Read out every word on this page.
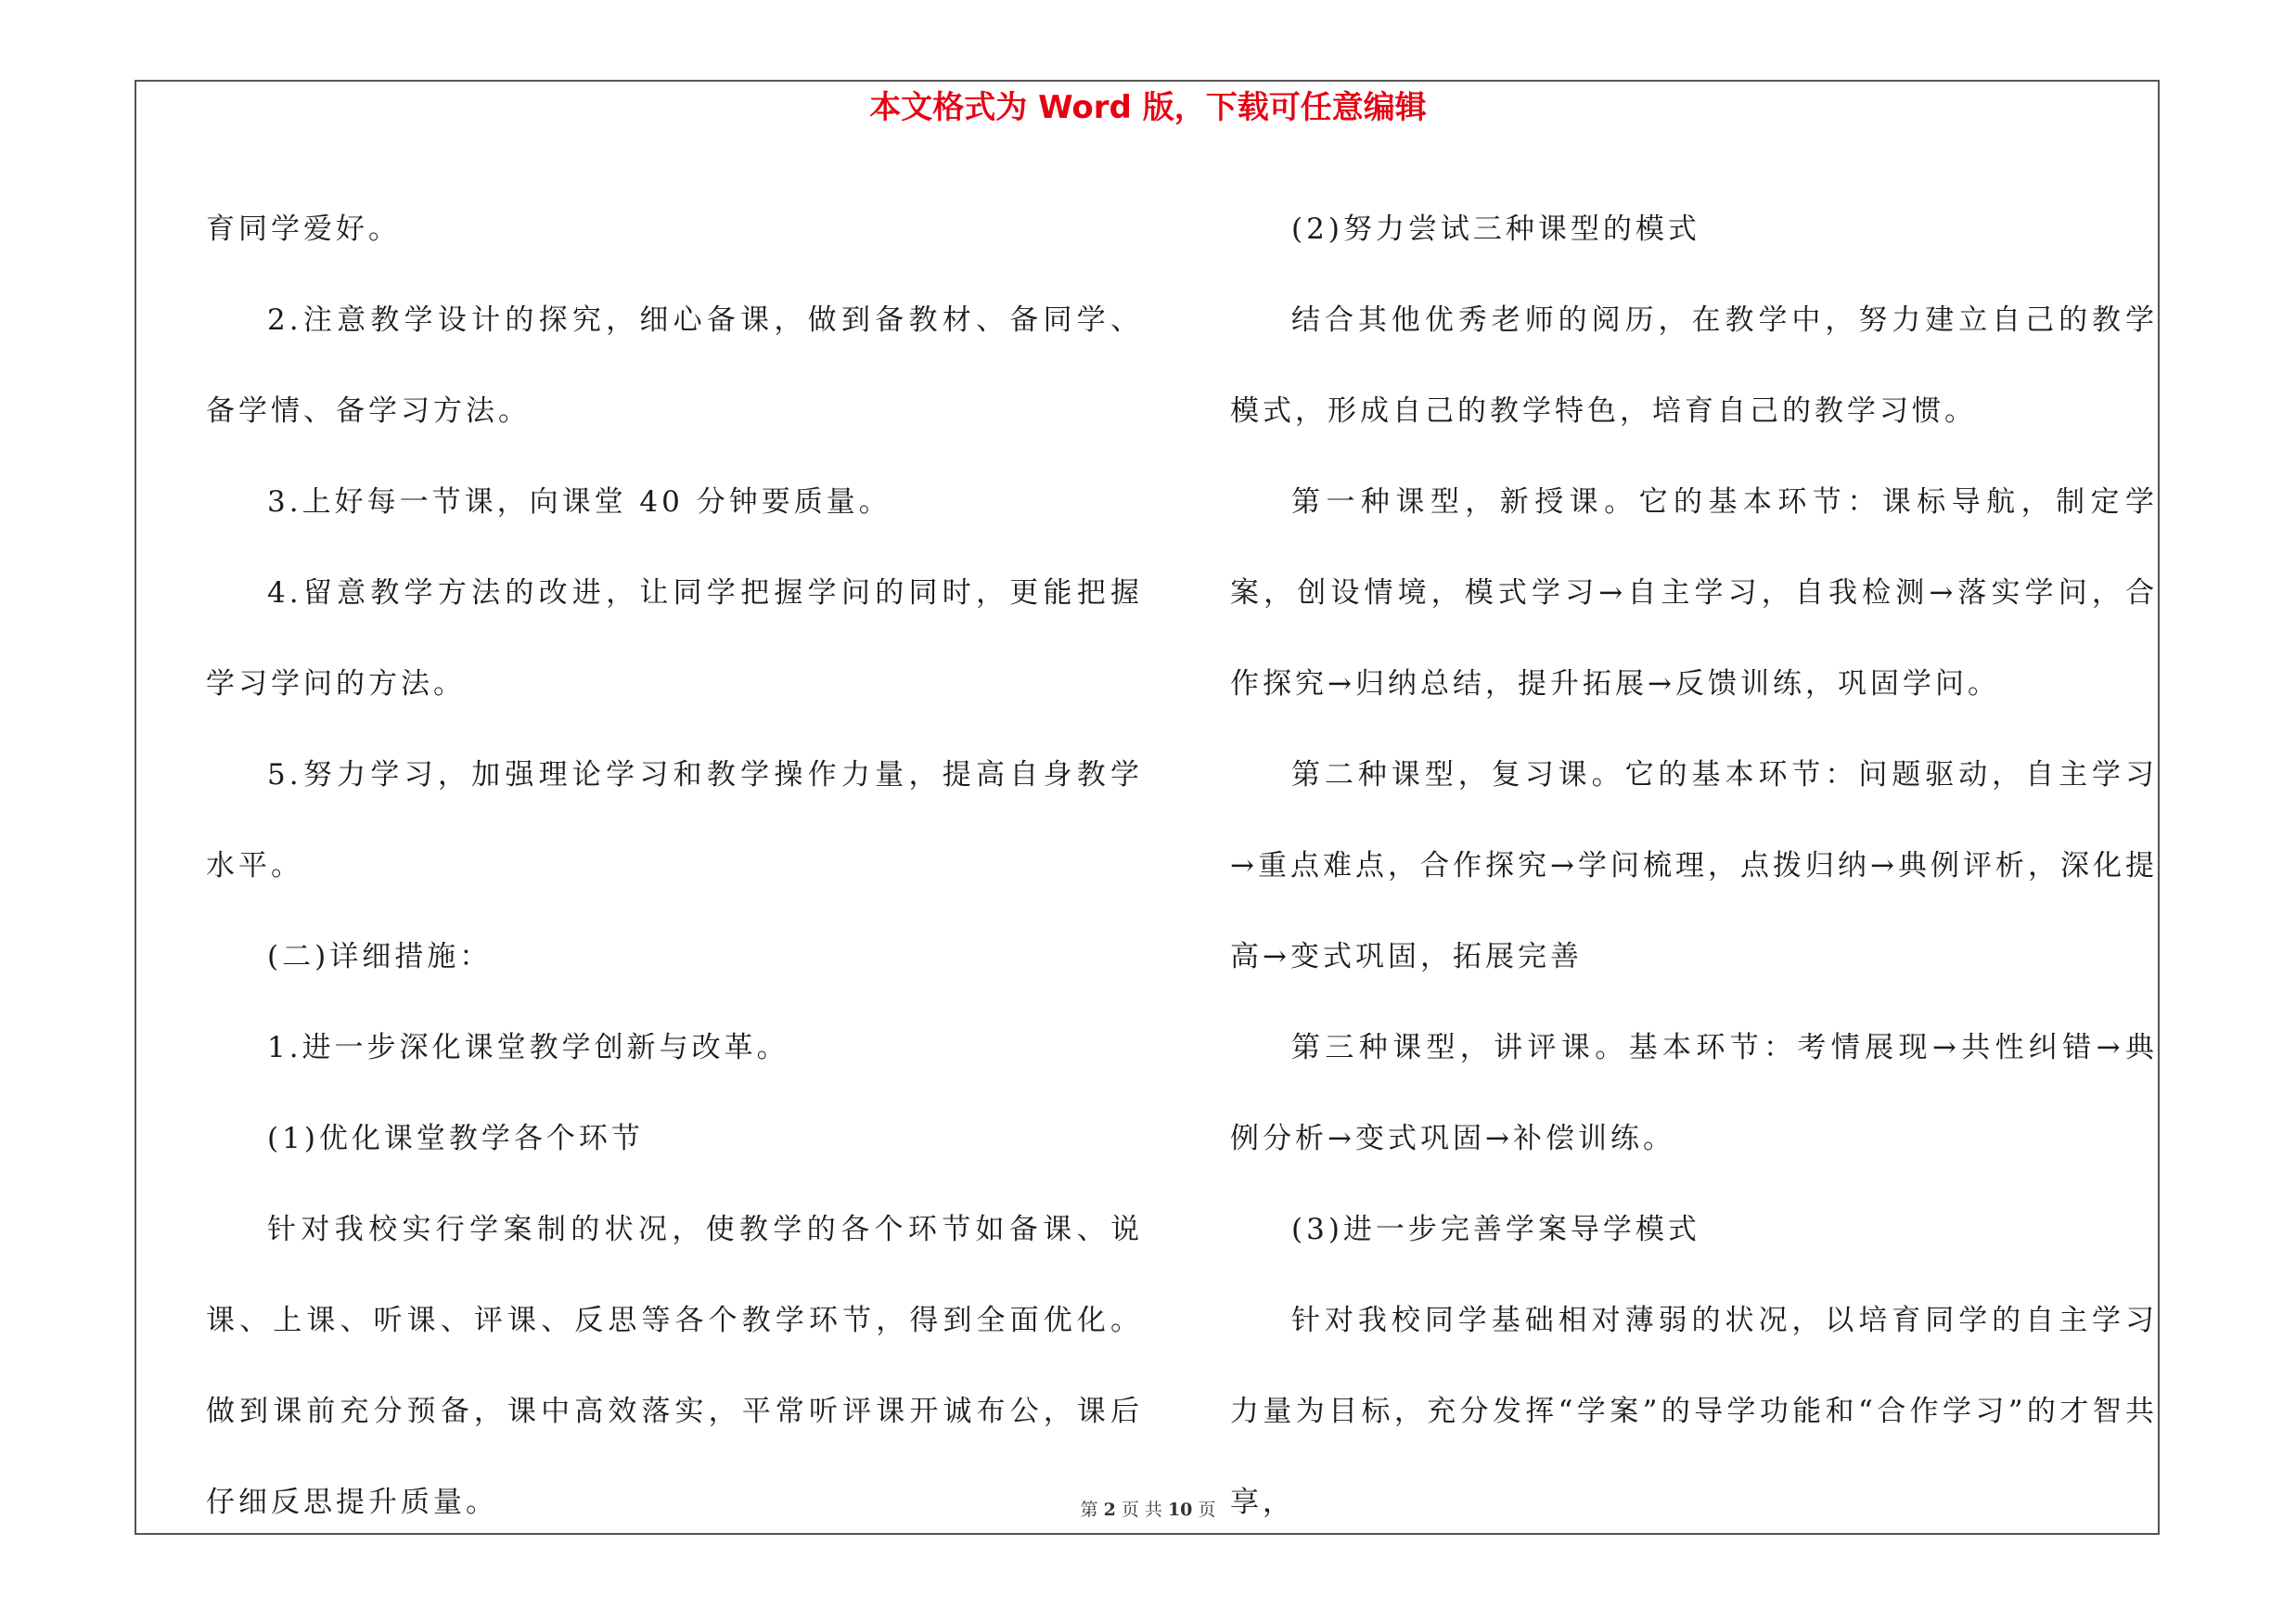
本文格式为 Word 版，下载可任意编辑

育同学爱好。

2.注意教学设计的探究，细心备课，做到备教材、备同学、备学情、备学习方法。

3.上好每一节课，向课堂 40 分钟要质量。

4.留意教学方法的改进，让同学把握学问的同时，更能把握学习学问的方法。

5.努力学习，加强理论学习和教学操作力量，提高自身教学水平。

(二)详细措施：

1.进一步深化课堂教学创新与改革。

(1)优化课堂教学各个环节

针对我校实行学案制的状况，使教学的各个环节如备课、说课、上课、听课、评课、反思等各个教学环节，得到全面优化。做到课前充分预备，课中高效落实，平常听评课开诚布公，课后仔细反思提升质量。

(2)努力尝试三种课型的模式

结合其他优秀老师的阅历，在教学中，努力建立自己的教学模式，形成自己的教学特色，培育自己的教学习惯。

第一种课型，新授课。它的基本环节：课标导航，制定学案，创设情境，模式学习→自主学习，自我检测→落实学问，合作探究→归纳总结，提升拓展→反馈训练，巩固学问。

第二种课型，复习课。它的基本环节：问题驱动，自主学习→重点难点，合作探究→学问梳理，点拨归纳→典例评析，深化提高→变式巩固，拓展完善

第三种课型，讲评课。基本环节：考情展现→共性纠错→典例分析→变式巩固→补偿训练。

(3)进一步完善学案导学模式

针对我校同学基础相对薄弱的状况，以培育同学的自主学习力量为目标，充分发挥“学案”的导学功能和“合作学习”的才智共享，

第 2 页 共 10 页
